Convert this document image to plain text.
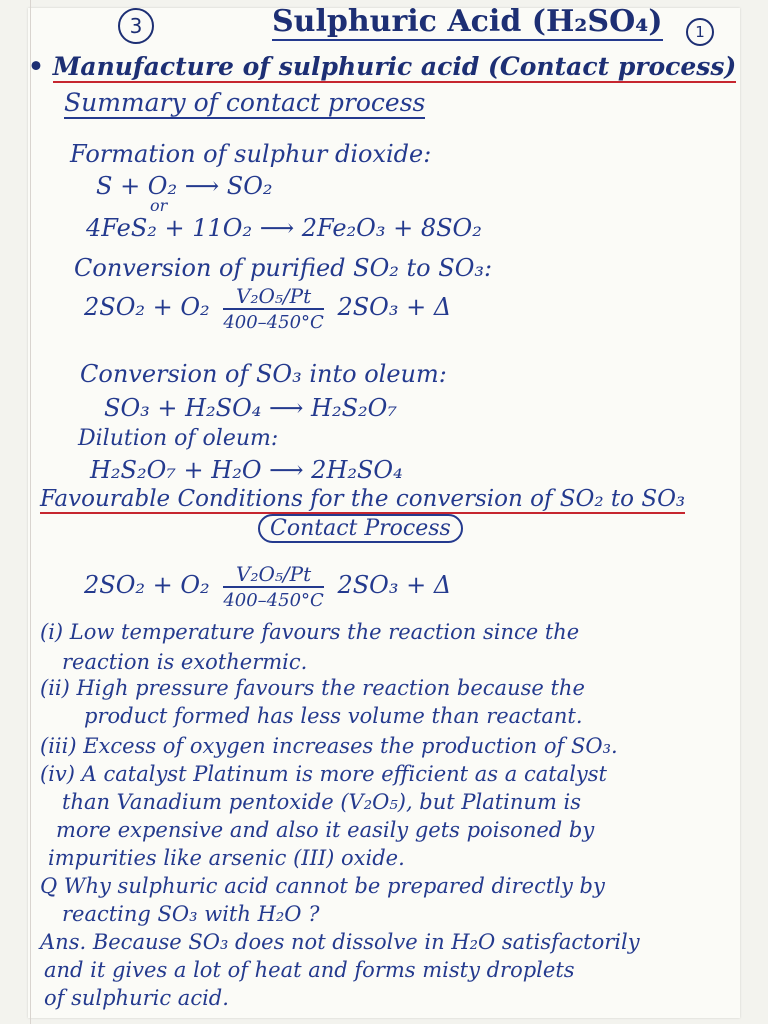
3	Sulphuric Acid (H₂SO₄)	1
• Manufacture of sulphuric acid (Contact process)
Summary of contact process
Formation of sulphur dioxide:
S + O₂ ⟶ SO₂
or
4FeS₂ + 11O₂ ⟶ 2Fe₂O₃ + 8SO₂
Conversion of purified SO₂ to SO₃:
$2SO_2 + O_2 \frac{\text{V₂O₅/Pt}}{400-450^\circ C} 2SO_3 + \Delta$
Conversion of SO₃ into oleum:
SO₃ + H₂SO₄ ⟶ H₂S₂O₇
Dilution of oleum:
H₂S₂O₇ + H₂O ⟶ 2H₂SO₄
Favourable Conditions for the conversion of SO₂ to SO₃
Contact Process
$2SO_2 + O_2 \frac{\text{V₂O₅/Pt}}{400-450^\circ C} 2SO_3 + \Delta$
(i) Low temperature favours the reaction since the
reaction is exothermic.
(ii) High pressure favours the reaction because the
product formed has less volume than reactant.
(iii) Excess of oxygen increases the production of SO₃.
(iv) A catalyst Platinum is more efficient as a catalyst
than Vanadium pentoxide (V₂O₅), but Platinum is
more expensive and also it easily gets poisoned by
impurities like arsenic (III) oxide.
Q Why sulphuric acid cannot be prepared directly by
reacting SO₃ with H₂O ?
Ans. Because SO₃ does not dissolve in H₂O satisfactorily
and it gives a lot of heat and forms misty droplets
of sulphuric acid.
